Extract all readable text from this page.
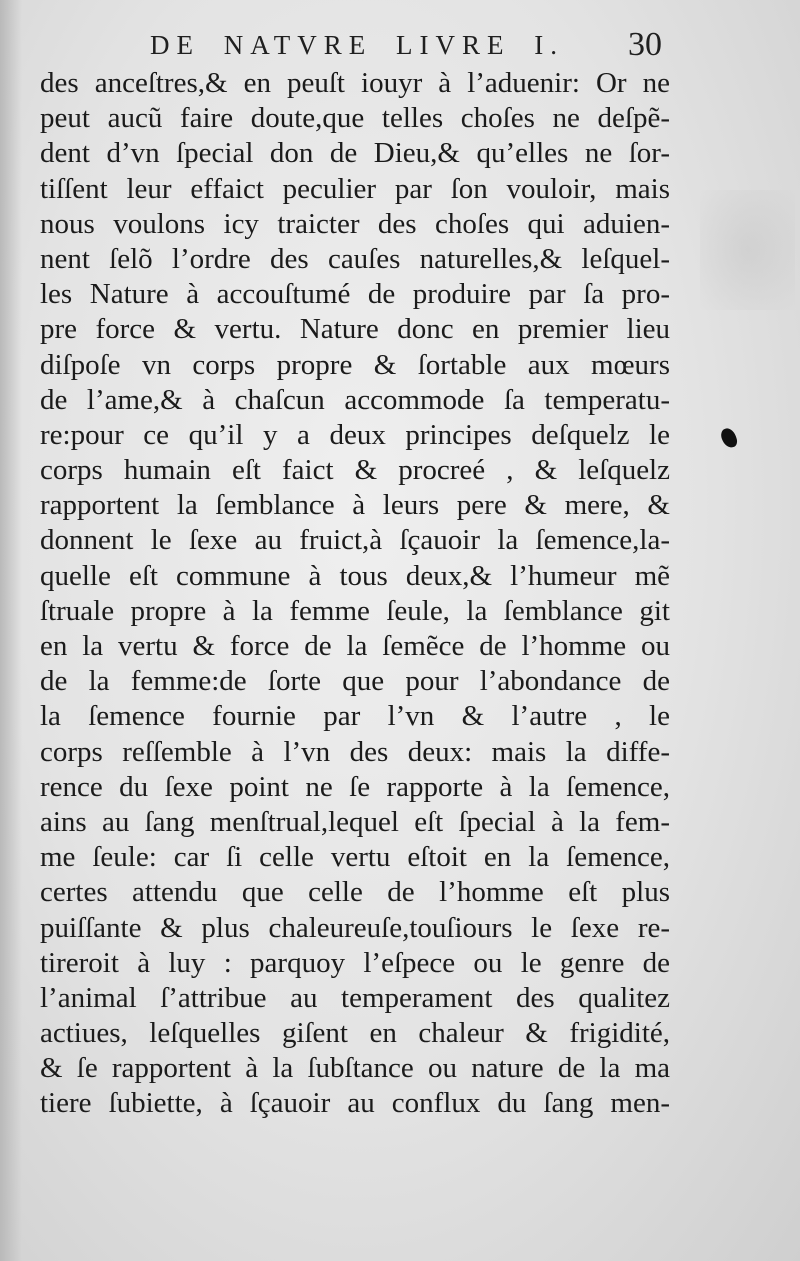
DE NATVRE LIVRE I. 30
des anceſtres,& en peuſt iouyr à l’aduenir: Or ne
peut aucũ faire doute,que telles choſes ne deſpẽ-
dent d’vn ſpecial don de Dieu,& qu’elles ne ſor-
tiſſent leur effaict peculier par ſon vouloir, mais
nous voulons icy traicter des choſes qui aduien-
nent ſelõ l’ordre des cauſes naturelles,& leſquel-
les Nature à accouſtumé de produire par ſa pro-
pre force & vertu. Nature donc en premier lieu
diſpoſe vn corps propre & ſortable aux mœurs
de l’ame,& à chaſcun accommode ſa temperatu-
re:pour ce qu’il y a deux principes deſquelz le
corps humain eſt faict & procreé , & leſquelz
rapportent la ſemblance à leurs pere & mere, &
donnent le ſexe au fruict,à ſçauoir la ſemence,la-
quelle eſt commune à tous deux,& l’humeur mẽ
ſtruale propre à la femme ſeule, la ſemblance git
en la vertu & force de la ſemẽce de l’homme ou
de la femme:de ſorte que pour l’abondance de
la ſemence fournie par l’vn & l’autre , le
corps reſſemble à l’vn des deux: mais la diffe-
rence du ſexe point ne ſe rapporte à la ſemence,
ains au ſang menſtrual,lequel eſt ſpecial à la fem-
me ſeule: car ſi celle vertu eſtoit en la ſemence,
certes attendu que celle de l’homme eſt plus
puiſſante & plus chaleureuſe,touſiours le ſexe re-
tireroit à luy : parquoy l’eſpece ou le genre de
l’animal ſ’attribue au temperament des qualitez
actiues, leſquelles giſent en chaleur & frigidité,
& ſe rapportent à la ſubſtance ou nature de la ma
tiere ſubiette, à ſçauoir au conflux du ſang men-
